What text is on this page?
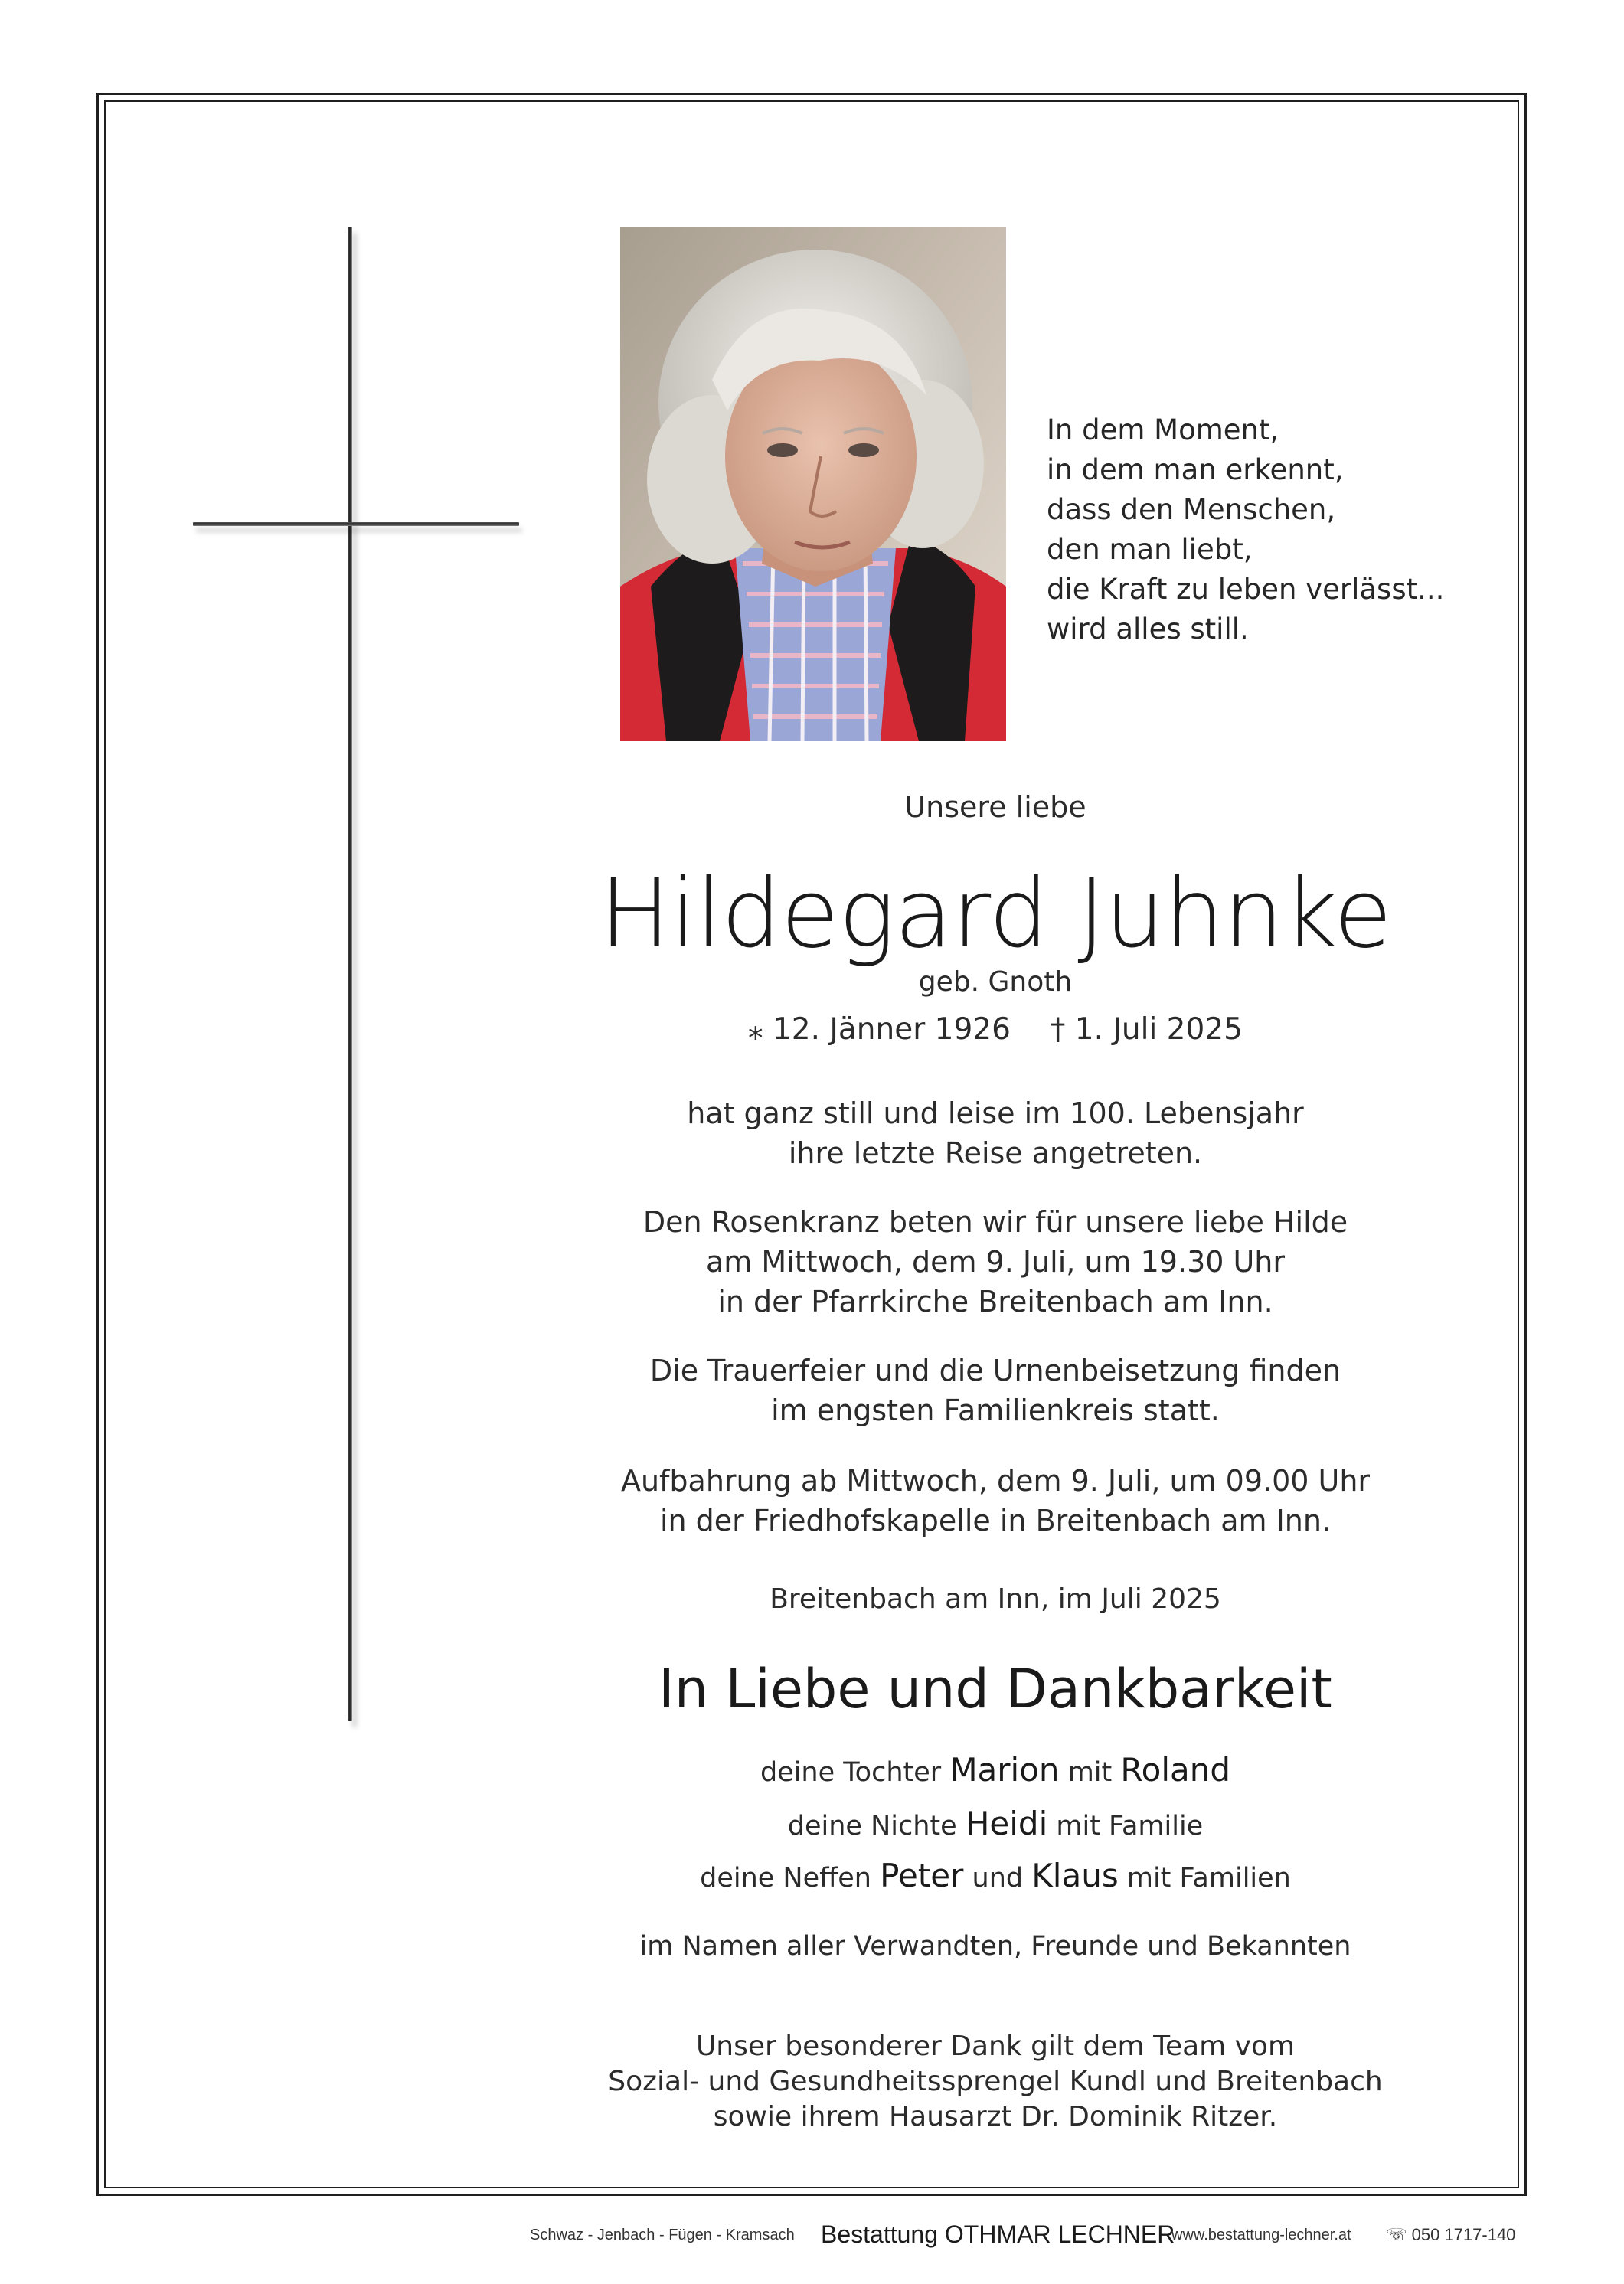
In dem Moment,
in dem man erkennt,
dass den Menschen,
den man liebt,
die Kraft zu leben verlässt...
wird alles still.
Unsere liebe
Hildegard Juhnke
geb. Gnoth
⁎ 12. Jänner 1926 † 1. Juli 2025
hat ganz still und leise im 100. Lebensjahr
ihre letzte Reise angetreten.
Den Rosenkranz beten wir für unsere liebe Hilde
am Mittwoch, dem 9. Juli, um 19.30 Uhr
in der Pfarrkirche Breitenbach am Inn.
Die Trauerfeier und die Urnenbeisetzung finden
im engsten Familienkreis statt.
Aufbahrung ab Mittwoch, dem 9. Juli, um 09.00 Uhr
in der Friedhofskapelle in Breitenbach am Inn.
Breitenbach am Inn, im Juli 2025
In Liebe und Dankbarkeit
deine Tochter Marion mit Roland
deine Nichte Heidi mit Familie
deine Neffen Peter und Klaus mit Familien
im Namen aller Verwandten, Freunde und Bekannten
Unser besonderer Dank gilt dem Team vom
Sozial- und Gesundheitssprengel Kundl und Breitenbach
sowie ihrem Hausarzt Dr. Dominik Ritzer.
Schwaz - Jenbach - Fügen - Kramsach Bestattung OTHMAR LECHNER
www.bestattung-lechner.at ☏ 050 1717-140
